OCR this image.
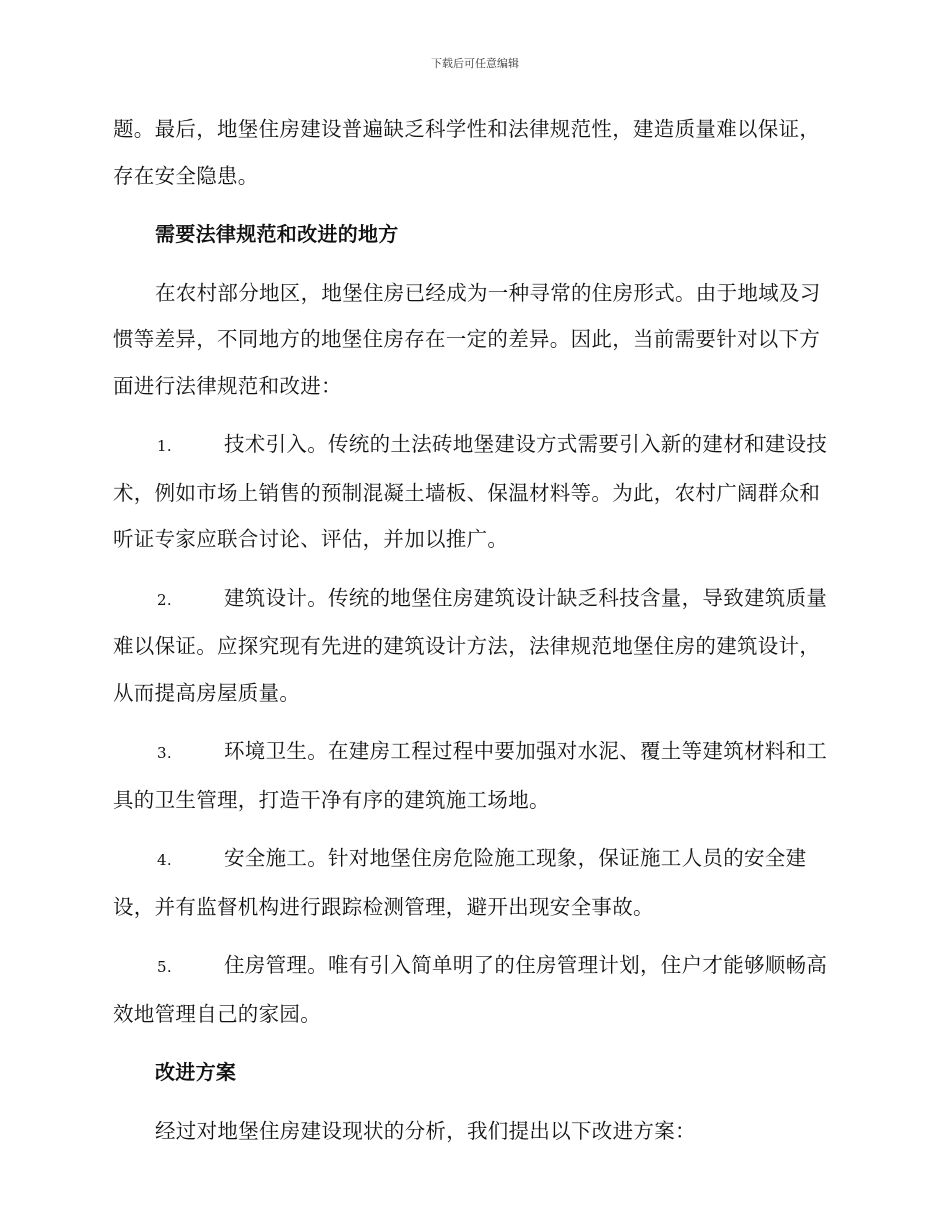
下载后可任意编辑

题。最后，地堡住房建设普遍缺乏科学性和法律规范性，建造质量难以保证，存在安全隐患。

需要法律规范和改进的地方

在农村部分地区，地堡住房已经成为一种寻常的住房形式。由于地域及习惯等差异，不同地方的地堡住房存在一定的差异。因此，当前需要针对以下方面进行法律规范和改进：

1.	技术引入。传统的土法砖地堡建设方式需要引入新的建材和建设技术，例如市场上销售的预制混凝土墙板、保温材料等。为此，农村广阔群众和听证专家应联合讨论、评估，并加以推广。

2.	建筑设计。传统的地堡住房建筑设计缺乏科技含量，导致建筑质量难以保证。应探究现有先进的建筑设计方法，法律规范地堡住房的建筑设计，从而提高房屋质量。

3.	环境卫生。在建房工程过程中要加强对水泥、覆土等建筑材料和工具的卫生管理，打造干净有序的建筑施工场地。

4.	安全施工。针对地堡住房危险施工现象，保证施工人员的安全建设，并有监督机构进行跟踪检测管理，避开出现安全事故。

5.	住房管理。唯有引入简单明了的住房管理计划，住户才能够顺畅高效地管理自己的家园。

改进方案

经过对地堡住房建设现状的分析，我们提出以下改进方案：
